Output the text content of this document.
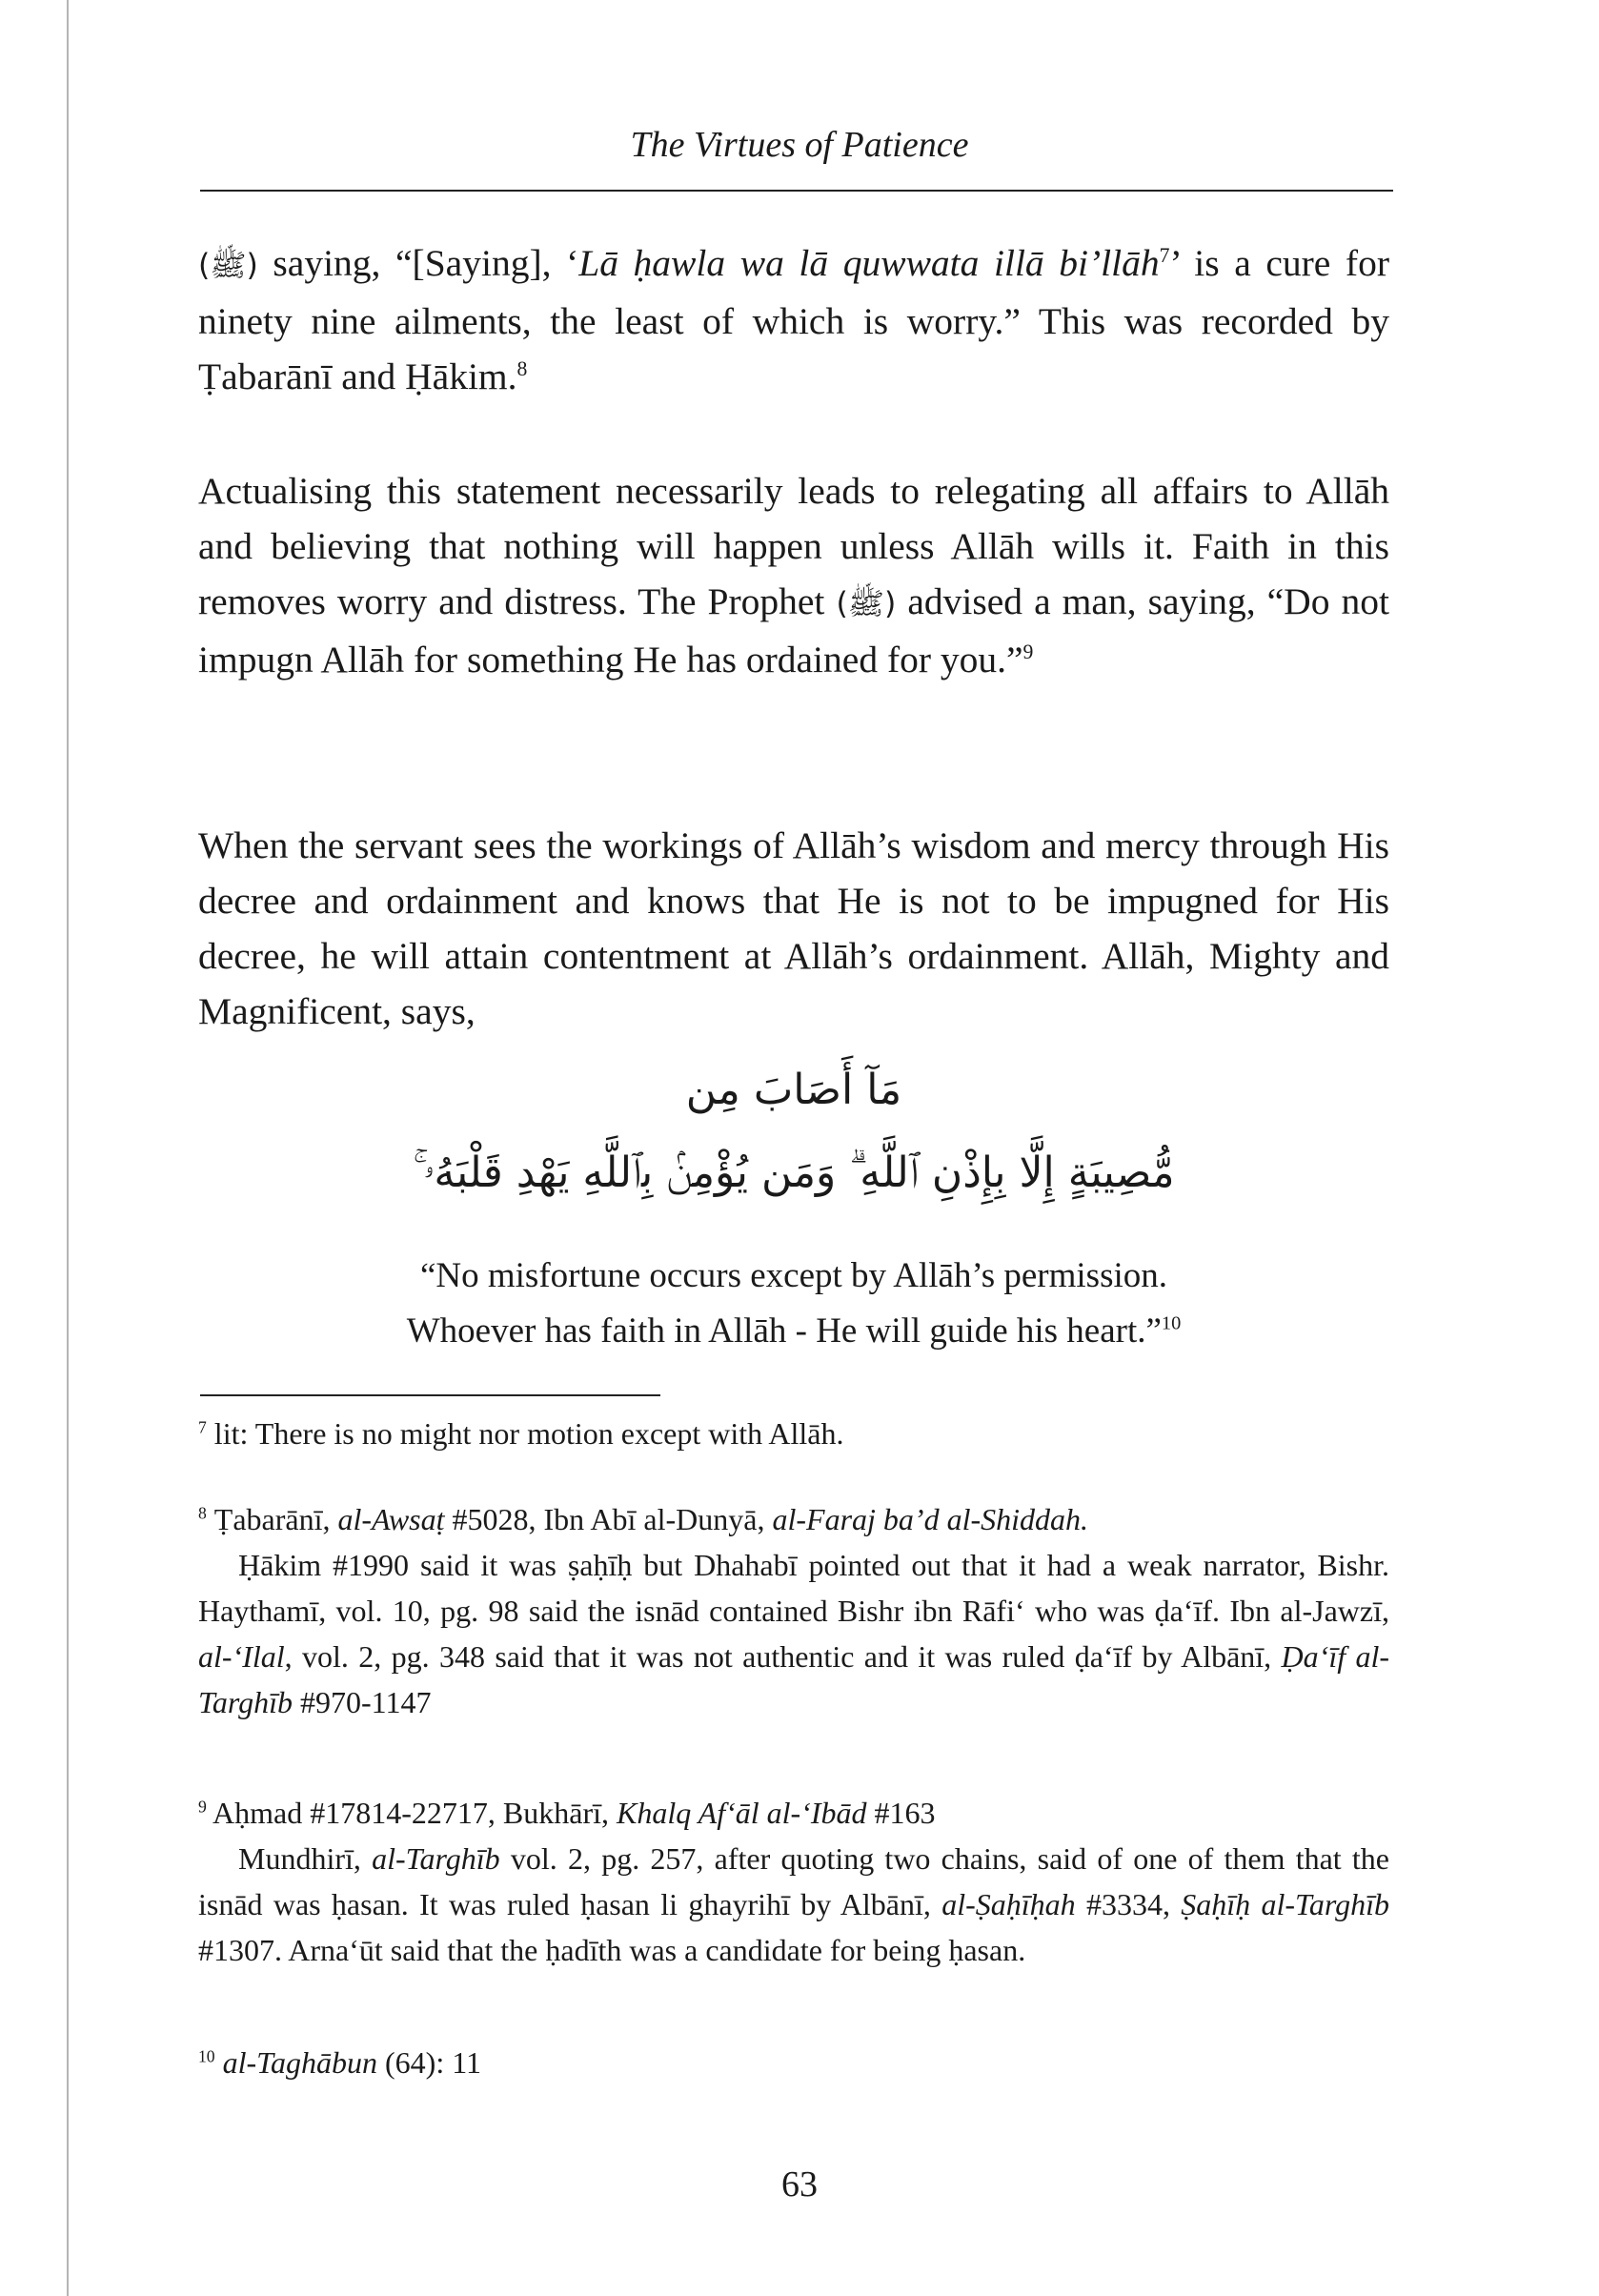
The Virtues of Patience

(ﷺ) saying, “[Saying], ‘Lā ḥawla wa lā quwwata illā bi’llāh$^7$’ is a cure for ninety nine ailments, the least of which is worry.” This was recorded by Ṭabarānī and Ḥākim.$^8$

Actualising this statement necessarily leads to relegating all affairs to Allāh and believing that nothing will happen unless Allāh wills it. Faith in this removes worry and distress. The Prophet (ﷺ) advised a man, saying, “Do not impugn Allāh for something He has ordained for you.”$^9$

When the servant sees the workings of Allāh’s wisdom and mercy through His decree and ordainment and knows that He is not to be impugned for His decree, he will attain contentment at Allāh’s ordainment. Allāh, Mighty and Magnificent, says,

مَآ أَصَابَ مِن
مُّصِيبَةٍ إِلَّا بِإِذْنِ ٱللَّهِ ۗ وَمَن يُؤْمِنۢ بِٱللَّهِ يَهْدِ قَلْبَهُۥ ۚ
“No misfortune occurs except by Allāh’s permission.
Whoever has faith in Allāh - He will guide his heart.”$^{10}$

$^7$ lit: There is no might nor motion except with Allāh.

$^8$ Ṭabarānī, al-Awsaṭ #5028, Ibn Abī al-Dunyā, al-Faraj ba’d al-Shiddah.

Ḥākim #1990 said it was ṣaḥīḥ but Dhahabī pointed out that it had a weak narrator, Bishr. Haythamī, vol. 10, pg. 98 said the isnād contained Bishr ibn Rāfi‘ who was ḍa‘īf. Ibn al-Jawzī, al-‘Ilal, vol. 2, pg. 348 said that it was not authentic and it was ruled ḍa‘īf by Albānī, Ḍa‘īf al-Targhīb #970-1147

$^9$ Aḥmad #17814-22717, Bukhārī, Khalq Af‘āl al-‘Ibād #163

Mundhirī, al-Targhīb vol. 2, pg. 257, after quoting two chains, said of one of them that the isnād was ḥasan. It was ruled ḥasan li ghayrihī by Albānī, al-Ṣaḥīḥah #3334, Ṣaḥīḥ al-Targhīb #1307. Arna‘ūt said that the ḥadīth was a candidate for being ḥasan.

$^{10}$ al-Taghābun (64): 11

63
